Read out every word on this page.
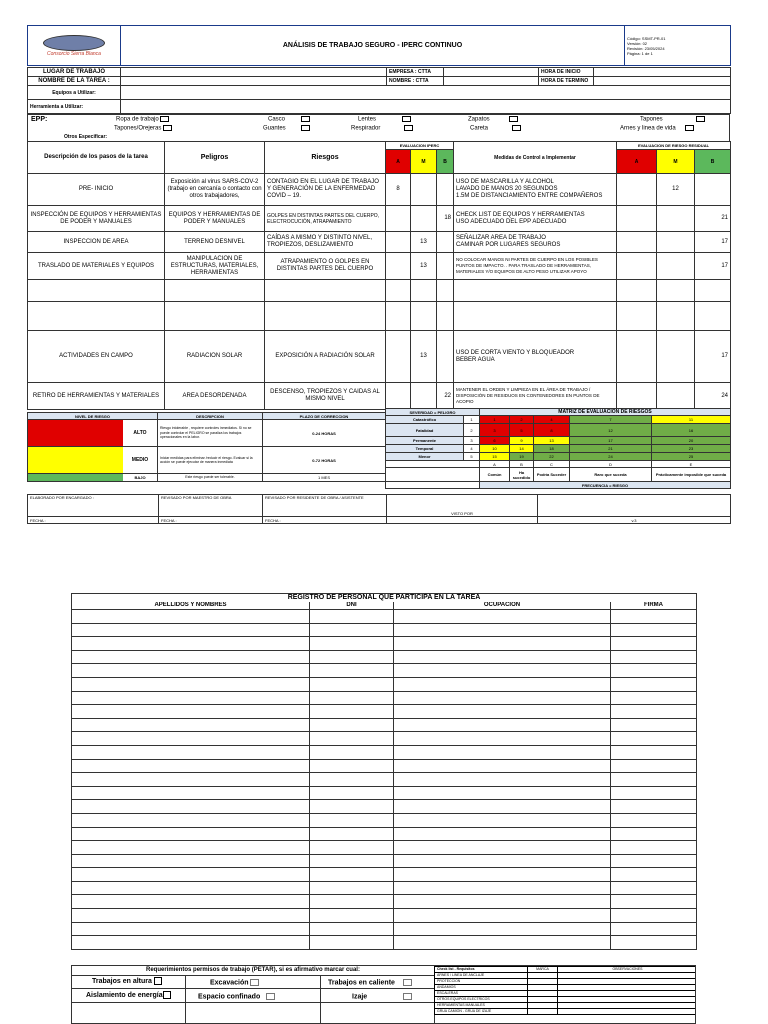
Consorcio Sierra Blanca
	ANÁLISIS DE TRABAJO SEGURO - IPERC CONTINUO	
Código: SSMT-PR-01
Versión: 02
Revisión: 23/05/2024
Página: 1 de 1
LUGAR DE TRABAJO		EMPRESA : CTTA		HORA DE INICIO	
NOMBRE DE LA TAREA :		NOMBRE : CTTA		HORA DE TERMINO	
Equipos a Utilizar:					
Herramienta a Utilizar:					
EPP:	Ropa de trabajo	Casco	Lentes	Zapatos	Tapones
Tapones/Orejeras	Guantes	Respirador	Careta	Arnes y linea de vida
Otros Especificar:
Descripción de los pasos de la tarea	Peligros	Riesgos	EVALUACION IPERC			Medidas de Control a Implementar	EVALUACION DE RIESGO RESIDUAL		
			A	M	B		A	M	B
PRE- INICIO	Exposición al virus SARS-COV-2 (trabajo en cercanía o contacto con otros trabajadores,	CONTAGIO EN EL LUGAR DE TRABAJO Y GENERACIÓN DE LA ENFERMEDAD COVID – 19.	8			USO DE MASCARILLA Y ALCOHOL
LAVADO DE MANOS 20 SEGUNDOS
1.5M DE DISTANCIAMIENTO ENTRE COMPAÑEROS		12	
INSPECCIÓN DE EQUIPOS Y HERRAMIENTAS DE PODER Y MANUALES	EQUIPOS Y HERRAMIENTAS DE PODER Y MANUALES	GOLPES EN DISTINTAS PARTES DEL CUERPO, ELECTROCUCIÓN, ATRAPAMIENTO			18	CHECK LIST DE EQUIPOS Y HERRAMIENTAS
USO ADECUADO DEL EPP ADECUADO			21
INSPECCION DE AREA	TERRENO DESNIVEL	CAÍDAS A MISMO Y DISTINTO NIVEL, TROPIEZOS, DESLIZAMIENTO		13		SEÑALIZAR AREA DE TRABAJO
CAMINAR POR LUGARES SEGUROS			17
TRASLADO DE MATERIALES Y EQUIPOS	MANIPULACION DE ESTRUCTURAS, MATERIALES, HERRAMIENTAS	ATRAPAMIENTO O GOLPES EN DISTINTAS PARTES DEL CUERPO		13		NO COLOCAR MANOS NI PARTES DE CUERPO EN LOS POSIBLES PUNTOS DE IMPACTO. . PARA TRASLADO DE HERRAMIENTAS, MATERIALES Y/O EQUIPOS DE ALTO PESO UTILIZAR APOYO			17

ACTIVIDADES EN CAMPO	RADIACION SOLAR	EXPOSICIÓN A RADIACIÓN SOLAR		13		USO DE CORTA VIENTO Y BLOQUEADOR
BEBER AGUA			17
RETIRO DE HERRAMIENTAS Y MATERIALES	AREA DESORDENADA	DESCENSO, TROPIEZOS Y CAIDAS AL MISMO NIVEL			22	MANTENER EL ORDEN Y LIMPIEZA EN EL ÁREA DE TRABAJO / DISPOSICIÓN DE RESIDUOS EN CONTENEDORES EN PUNTOS DE ACOPIO			24
NIVEL DE RIESGO	DESCRIPCION	PLAZO DE CORRECCION

ALTO	Riesgo intolerable , requiere controles inmediatos. Si no se puede controlar el PELIGRO se paraliza los trabajos operacionales en la labor.	0-24 HORAS

MEDIO	Iniciar medidas para eliminar /reducir el riesgo. Evaluar si la acción se puede ejecutar de manera inmediata	0-72 HORAS

BAJO	Este riesgo puede ser tolerable.	1 MES
SEVERIDAD = PELIGRO		MATRIZ DE EVALUACIÓN DE RIESGOS				
Catastrófico	1	1	2	4	7	11
Fatalidad	2	3	5	8	12	16
Permanente	3	6	9	13	17	20
Temporal	4	10	14	18	21	23
Menor	5	15	19	22	24	25
		A	B	C	D	E
		Común	Ha sucedido	Podría Suceder	Raro que suceda	Prácticamente imposible que suceda
		FRECUENCIA = RIESGO				
ELABORADO POR ENCARGADO :	REVISADO POR MAESTRO DE OBRA	REVISADO POR RESIDENTE DE OBRA / ASISTENTE	VISTO POR	
FECHA :	FECHA :	FECHA :		v.3
REGISTRO DE PERSONAL QUE PARTICIPA EN LA TAREA			
APELLIDOS Y NOMBRES	DNI	OCUPACION	FIRMA

Requerimientos permisos de trabajo (PETAR), si es afirmativo marcar cual:
Trabajos en altura	Excavación	Trabajos en caliente
Aislamiento de energía	Espacio confinado	Izaje
Check list - Requisitos	MARCA	OBSERVACIONES
ARNES / LINEA DE ANCLAJE		
PROTECCION		
ANDAMIOS		
ESCALERAS		
OTROS EQUIPOS ELECTRICOS		
HERRAMIENTAS MANUALES		
GRUA CAMION - GRUA DE IZAJE		
